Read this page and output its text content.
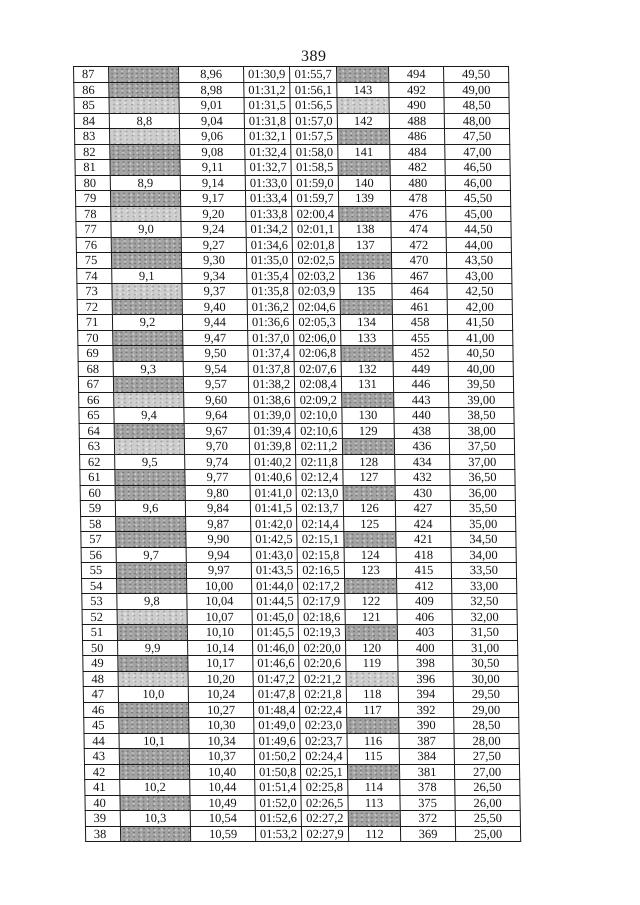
389
87		8,96	01:30,9	01:55,7		494	49,50
86		8,98	01:31,2	01:56,1	143	492	49,00
85		9,01	01:31,5	01:56,5		490	48,50
84	8,8	9,04	01:31,8	01:57,0	142	488	48,00
83		9,06	01:32,1	01:57,5		486	47,50
82		9,08	01:32,4	01:58,0	141	484	47,00
81		9,11	01:32,7	01:58,5		482	46,50
80	8,9	9,14	01:33,0	01:59,0	140	480	46,00
79		9,17	01:33,4	01:59,7	139	478	45,50
78		9,20	01:33,8	02:00,4		476	45,00
77	9,0	9,24	01:34,2	02:01,1	138	474	44,50
76		9,27	01:34,6	02:01,8	137	472	44,00
75		9,30	01:35,0	02:02,5		470	43,50
74	9,1	9,34	01:35,4	02:03,2	136	467	43,00
73		9,37	01:35,8	02:03,9	135	464	42,50
72		9,40	01:36,2	02:04,6		461	42,00
71	9,2	9,44	01:36,6	02:05,3	134	458	41,50
70		9,47	01:37,0	02:06,0	133	455	41,00
69		9,50	01:37,4	02:06,8		452	40,50
68	9,3	9,54	01:37,8	02:07,6	132	449	40,00
67		9,57	01:38,2	02:08,4	131	446	39,50
66		9,60	01:38,6	02:09,2		443	39,00
65	9,4	9,64	01:39,0	02:10,0	130	440	38,50
64		9,67	01:39,4	02:10,6	129	438	38,00
63		9,70	01:39,8	02:11,2		436	37,50
62	9,5	9,74	01:40,2	02:11,8	128	434	37,00
61		9,77	01:40,6	02:12,4	127	432	36,50
60		9,80	01:41,0	02:13,0		430	36,00
59	9,6	9,84	01:41,5	02:13,7	126	427	35,50
58		9,87	01:42,0	02:14,4	125	424	35,00
57		9,90	01:42,5	02:15,1		421	34,50
56	9,7	9,94	01:43,0	02:15,8	124	418	34,00
55		9,97	01:43,5	02:16,5	123	415	33,50
54		10,00	01:44,0	02:17,2		412	33,00
53	9,8	10,04	01:44,5	02:17,9	122	409	32,50
52		10,07	01:45,0	02:18,6	121	406	32,00
51		10,10	01:45,5	02:19,3		403	31,50
50	9,9	10,14	01:46,0	02:20,0	120	400	31,00
49		10,17	01:46,6	02:20,6	119	398	30,50
48		10,20	01:47,2	02:21,2		396	30,00
47	10,0	10,24	01:47,8	02:21,8	118	394	29,50
46		10,27	01:48,4	02:22,4	117	392	29,00
45		10,30	01:49,0	02:23,0		390	28,50
44	10,1	10,34	01:49,6	02:23,7	116	387	28,00
43		10,37	01:50,2	02:24,4	115	384	27,50
42		10,40	01:50,8	02:25,1		381	27,00
41	10,2	10,44	01:51,4	02:25,8	114	378	26,50
40		10,49	01:52,0	02:26,5	113	375	26,00
39	10,3	10,54	01:52,6	02:27,2		372	25,50
38		10,59	01:53,2	02:27,9	112	369	25,00
